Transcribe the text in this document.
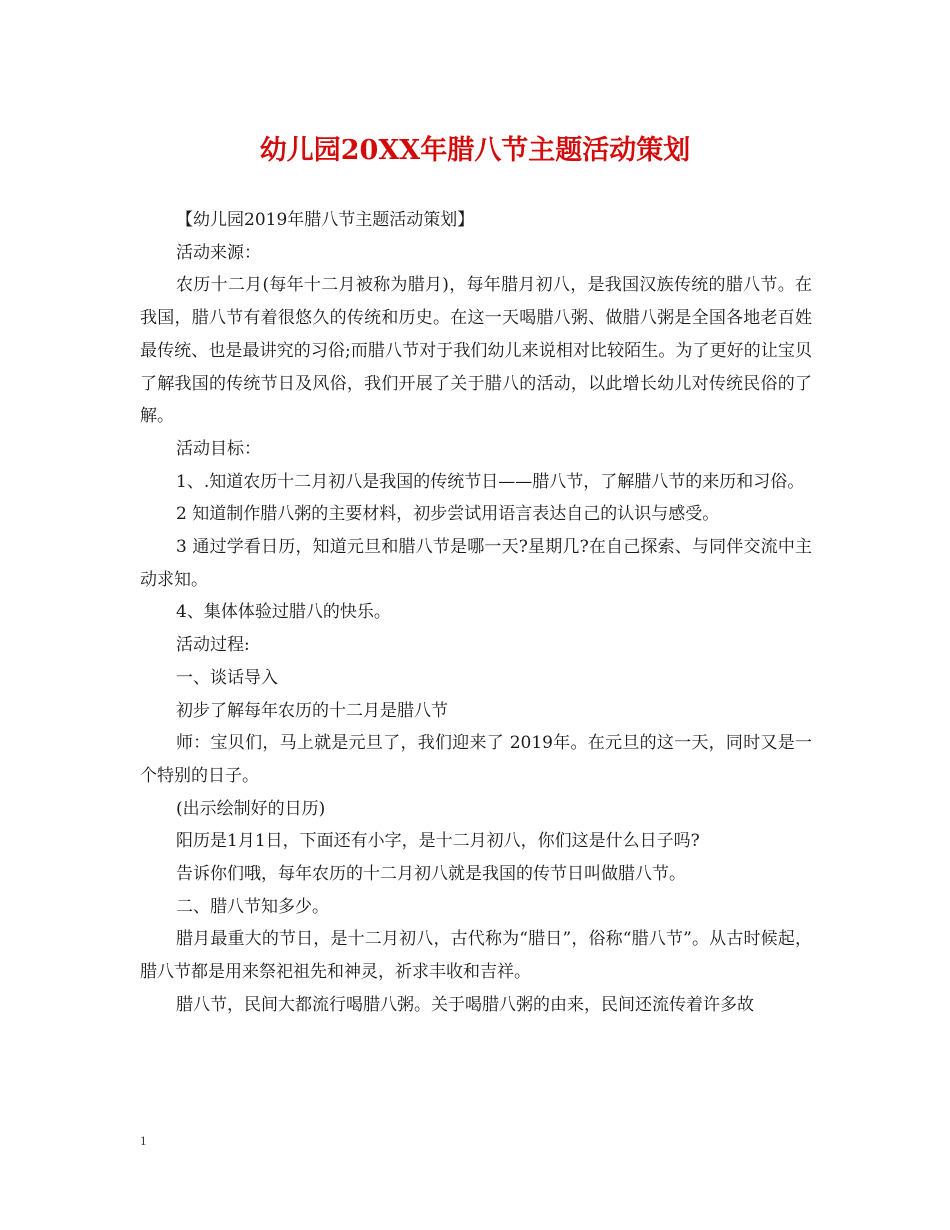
幼儿园20XX年腊八节主题活动策划

【幼儿园2019年腊八节主题活动策划】

活动来源：

农历十二月(每年十二月被称为腊月)，每年腊月初八，是我国汉族传统的腊八节。在我国，腊八节有着很悠久的传统和历史。在这一天喝腊八粥、做腊八粥是全国各地老百姓最传统、也是最讲究的习俗;而腊八节对于我们幼儿来说相对比较陌生。为了更好的让宝贝了解我国的传统节日及风俗，我们开展了关于腊八的活动，以此增长幼儿对传统民俗的了解。

活动目标：

1、.知道农历十二月初八是我国的传统节日——腊八节，了解腊八节的来历和习俗。

2 知道制作腊八粥的主要材料，初步尝试用语言表达自己的认识与感受。

3 通过学看日历，知道元旦和腊八节是哪一天?星期几?在自己探索、与同伴交流中主动求知。

4、集体体验过腊八的快乐。

活动过程:

一、谈话导入

初步了解每年农历的十二月是腊八节

师：宝贝们，马上就是元旦了，我们迎来了 2019年。在元旦的这一天，同时又是一个特别的日子。

(出示绘制好的日历)

阳历是1月1日，下面还有小字，是十二月初八，你们这是什么日子吗?

告诉你们哦，每年农历的十二月初八就是我国的传节日叫做腊八节。

二、腊八节知多少。

腊月最重大的节日，是十二月初八，古代称为“腊日”，俗称“腊八节”。从古时候起，腊八节都是用来祭祀祖先和神灵，祈求丰收和吉祥。

腊八节，民间大都流行喝腊八粥。关于喝腊八粥的由来，民间还流传着许多故

1
